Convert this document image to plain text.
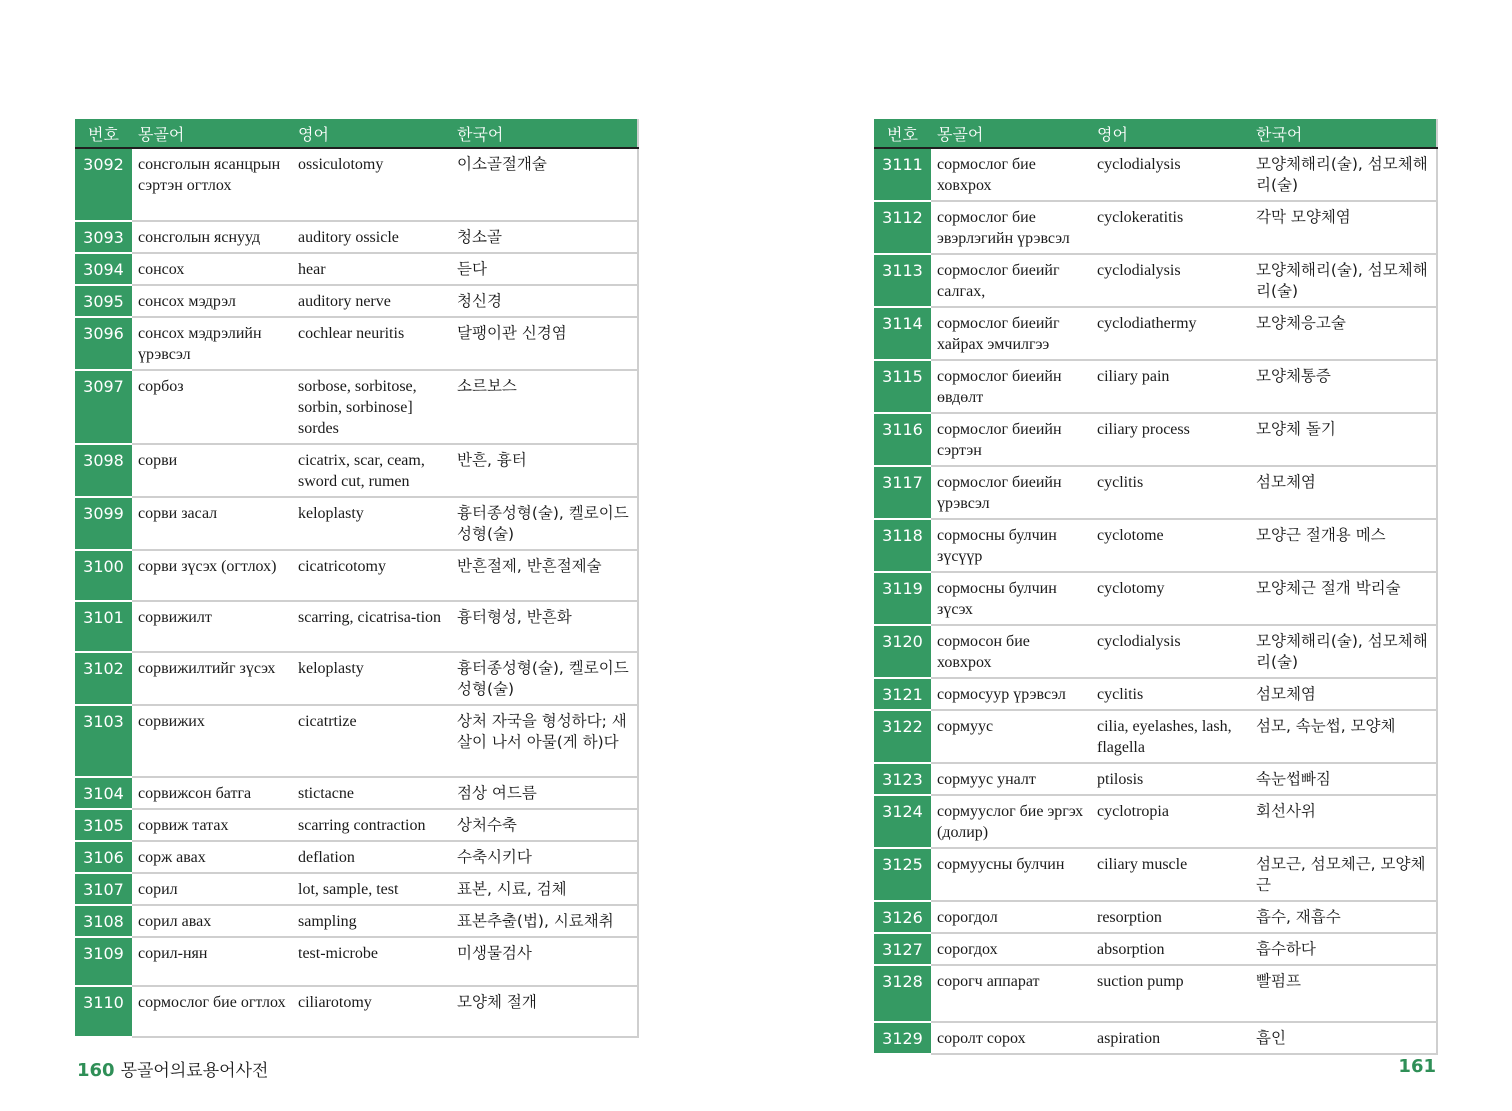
번호	몽골어	영어	한국어
3092	сонсголын ясанцрын сэртэн огтлох	ossiculotomy	이소골절개술
3093	сонсголын яснууд	auditory ossicle	청소골
3094	сонсох	hear	듣다
3095	сонсох мэдрэл	auditory nerve	청신경
3096	сонсох мэдрэлийн үрэвсэл	cochlear neuritis	달팽이관 신경염
3097	сорбоз	sorbose, sorbitose, sorbin, sorbinose] sordes	소르보스
3098	сорви	cicatrix, scar, ceam, sword cut, rumen	반흔, 흉터
3099	сорви засал	keloplasty	흉터종성형(술), 켈로이드성형(술)
3100	сорви зүсэх (огтлох)	cicatricotomy	반흔절제, 반흔절제술
3101	сорвижилт	scarring, cicatrisa-tion	흉터형성, 반흔화
3102	сорвижилтийг зүсэх	keloplasty	흉터종성형(술), 켈로이드성형(술)
3103	сорвижих	cicatrtize	상처 자국을 형성하다; 새살이 나서 아물(게 하)다
3104	сорвижсон батга	stictacne	점상 여드름
3105	сорвиж татах	scarring contraction	상처수축
3106	сорж авах	deflation	수축시키다
3107	сорил	lot, sample, test	표본, 시료, 검체
3108	сорил авах	sampling	표본추출(법), 시료채취
3109	сорил-нян	test-microbe	미생물검사
3110	сормослог бие огтлох	ciliarotomy	모양체 절개
번호	몽골어	영어	한국어
3111	сормослог бие ховхрох	cyclodialysis	모양체해리(술), 섬모체해리(술)
3112	сормослог бие эвэрлэгийн үрэвсэл	cyclokeratitis	각막 모양체염
3113	сормослог биеийг салгах,	cyclodialysis	모양체해리(술), 섬모체해리(술)
3114	сормослог биеийг хайрах эмчилгээ	cyclodiathermy	모양체응고술
3115	сормослог биеийн өвдөлт	ciliary pain	모양체통증
3116	сормослог биеийн сэртэн	ciliary process	모양체 돌기
3117	сормослог биеийн үрэвсэл	cyclitis	섬모체염
3118	сормосны булчин зүсүүр	cyclotome	모양근 절개용 메스
3119	сормосны булчин зүсэх	cyclotomy	모양체근 절개 박리술
3120	сормосон бие ховхрох	cyclodialysis	모양체해리(술), 섬모체해리(술)
3121	сормосуур үрэвсэл	cyclitis	섬모체염
3122	сормуус	cilia, eyelashes, lash, flagella	섬모, 속눈썹, 모양체
3123	сормуус уналт	ptilosis	속눈썹빠짐
3124	сормууслог бие эргэх (долир)	cyclotropia	회선사위
3125	сормуусны булчин	ciliary muscle	섬모근, 섬모체근, 모양체근
3126	сорогдол	resorption	흡수, 재흡수
3127	сорогдох	absorption	흡수하다
3128	сорогч аппарат	suction pump	빨펌프
3129	соролт сорох	aspiration	흡인
160 몽골어의료용어사전	161
